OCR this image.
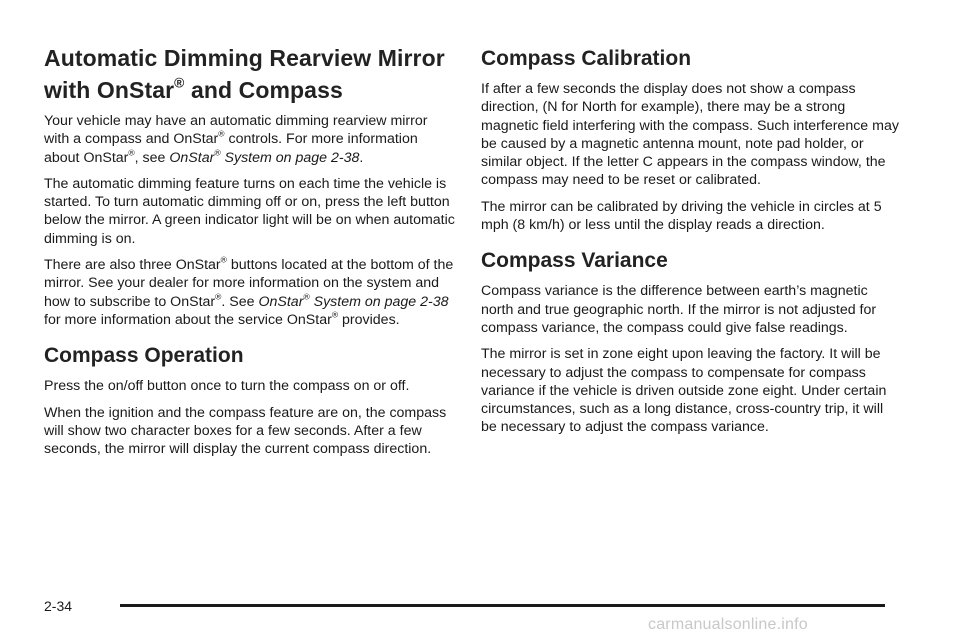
Automatic Dimming Rearview Mirror
with OnStar® and Compass

Your vehicle may have an automatic dimming rearview mirror with a compass and OnStar® controls. For more information about OnStar®, see OnStar® System on page 2-38.

The automatic dimming feature turns on each time the vehicle is started. To turn automatic dimming off or on, press the left button below the mirror. A green indicator light will be on when automatic dimming is on.

There are also three OnStar® buttons located at the bottom of the mirror. See your dealer for more information on the system and how to subscribe to OnStar®. See OnStar® System on page 2-38 for more information about the service OnStar® provides.

Compass Operation

Press the on/off button once to turn the compass on or off.

When the ignition and the compass feature are on, the compass will show two character boxes for a few seconds. After a few seconds, the mirror will display the current compass direction.

Compass Calibration

If after a few seconds the display does not show a compass direction, (N for North for example), there may be a strong magnetic field interfering with the compass. Such interference may be caused by a magnetic antenna mount, note pad holder, or similar object. If the letter C appears in the compass window, the compass may need to be reset or calibrated.

The mirror can be calibrated by driving the vehicle in circles at 5 mph (8 km/h) or less until the display reads a direction.

Compass Variance

Compass variance is the difference between earth’s magnetic north and true geographic north. If the mirror is not adjusted for compass variance, the compass could give false readings.

The mirror is set in zone eight upon leaving the factory. It will be necessary to adjust the compass to compensate for compass variance if the vehicle is driven outside zone eight. Under certain circumstances, such as a long distance, cross-country trip, it will be necessary to adjust the compass variance.

2-34
carmanualsonline.info
